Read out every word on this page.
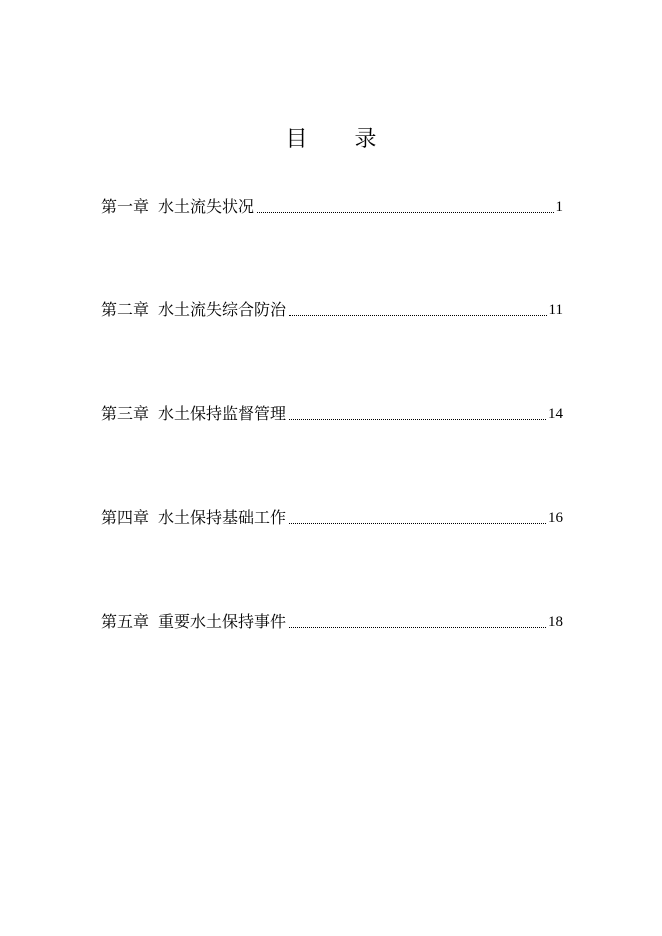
目 录
第一章 水土流失状况	1
第二章 水土流失综合防治	11
第三章 水土保持监督管理	14
第四章 水土保持基础工作	16
第五章 重要水土保持事件	18
